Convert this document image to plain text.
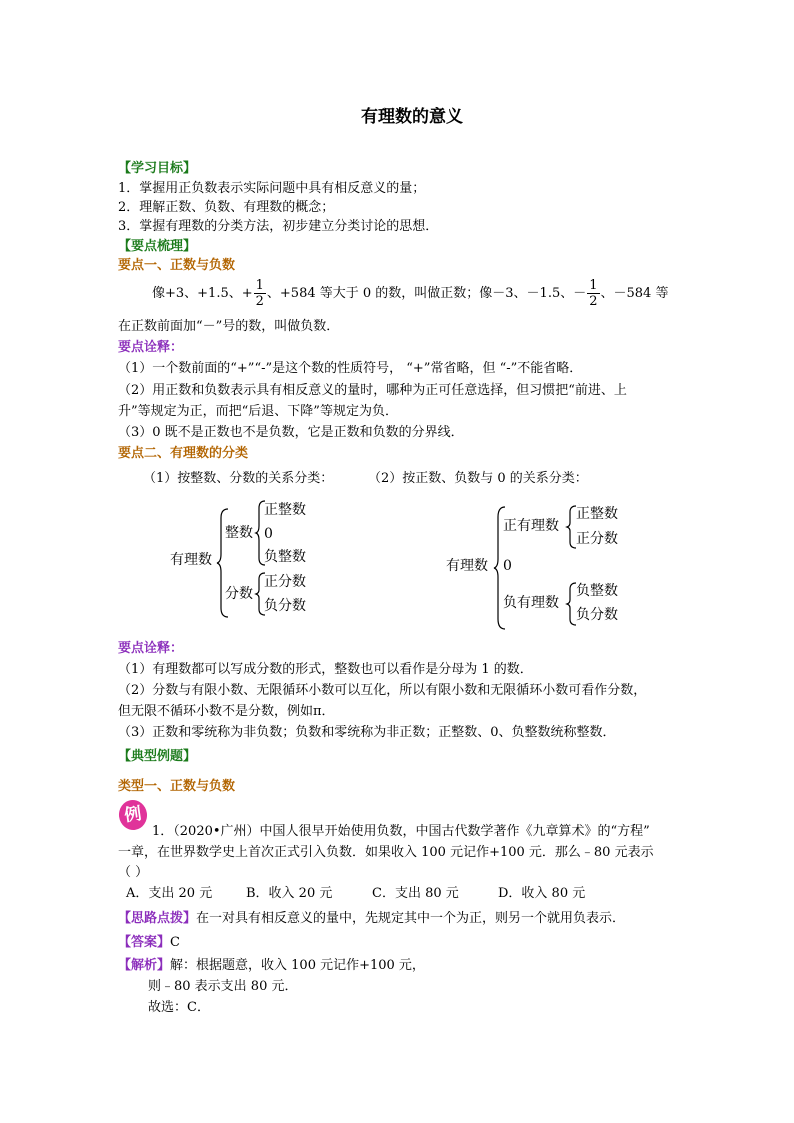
有理数的意义
【学习目标】
1．掌握用正负数表示实际问题中具有相反意义的量；
2．理解正数、负数、有理数的概念；
3．掌握有理数的分类方法，初步建立分类讨论的思想．
【要点梳理】
要点一、正数与负数
像+3、+1.5、+ $\frac{1}{2}$ 、+584 等大于 0 的数，叫做正数；像－3、－1.5、－ $\frac{1}{2}$ 、－584 等
在正数前面加“－”号的数，叫做负数．
要点诠释：
（1）一个数前面的“+”“-”是这个数的性质符号， “+”常省略，但 “-”不能省略．
（2）用正数和负数表示具有相反意义的量时，哪种为正可任意选择，但习惯把“前进、上
升”等规定为正，而把“后退、下降”等规定为负．
（3）0 既不是正数也不是负数，它是正数和负数的分界线．
要点二、有理数的分类
（1）按整数、分数的关系分类：	（2）按正数、负数与 0 的关系分类：
有理数
整数
正整数
0
负整数
分数
正分数
负分数
有理数
正有理数
正整数
正分数
0
负有理数
负整数
负分数
要点诠释：
（1）有理数都可以写成分数的形式，整数也可以看作是分母为 1 的数．
（2）分数与有限小数、无限循环小数可以互化，所以有限小数和无限循环小数可看作分数，
但无限不循环小数不是分数，例如π．
（3）正数和零统称为非负数；负数和零统称为非正数；正整数、0、负整数统称整数．
【典型例题】
类型一、正数与负数
例
1．（2020•广州）中国人很早开始使用负数，中国古代数学著作《九章算术》的“方程”
一章，在世界数学史上首次正式引入负数．如果收入 100 元记作+100 元．那么﹣80 元表示
（ ）
A．支出 20 元	B．收入 20 元	C．支出 80 元	D．收入 80 元
【思路点拨】在一对具有相反意义的量中，先规定其中一个为正，则另一个就用负表示．
【答案】C
【解析】解：根据题意，收入 100 元记作+100 元，
则﹣80 表示支出 80 元．
故选：C．
